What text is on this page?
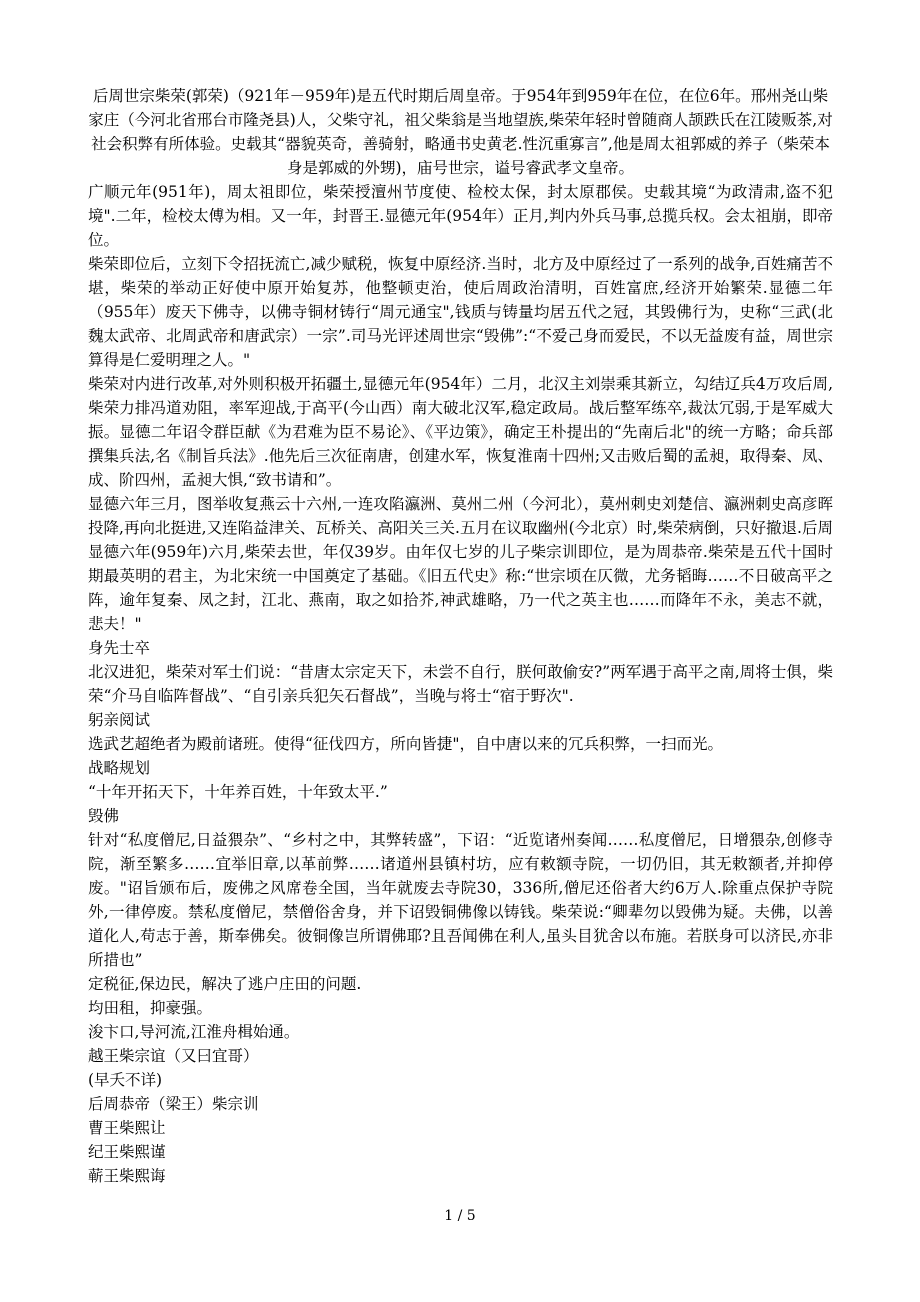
后周世宗柴荣(郭荣)（921年－959年)是五代时期后周皇帝。于954年到959年在位，在位6年。邢州尧山柴家庄（今河北省邢台市隆尧县)人，父柴守礼，祖父柴翁是当地望族,柴荣年轻时曾随商人颉跌氏在江陵贩茶,对社会积弊有所体验。史载其“器貌英奇，善骑射，略通书史黄老.性沉重寡言”,他是周太祖郭威的养子（柴荣本身是郭威的外甥)，庙号世宗，谥号睿武孝文皇帝。

广顺元年(951年)，周太祖即位，柴荣授澶州节度使、检校太保，封太原郡侯。史载其境“为政清肃,盗不犯境".二年，检校太傅为相。又一年，封晋王.显德元年(954年）正月,判内外兵马事,总揽兵权。会太祖崩，即帝位。

柴荣即位后，立刻下令招抚流亡,减少赋税，恢复中原经济.当时，北方及中原经过了一系列的战争,百姓痛苦不堪，柴荣的举动正好使中原开始复苏，他整顿吏治，使后周政治清明，百姓富庶,经济开始繁荣.显德二年（955年）废天下佛寺，以佛寺铜材铸行“周元通宝",钱质与铸量均居五代之冠，其毁佛行为，史称“三武(北魏太武帝、北周武帝和唐武宗）一宗”.司马光评述周世宗“毁佛”:“不爱己身而爱民，不以无益废有益，周世宗算得是仁爱明理之人。"

柴荣对内进行改革,对外则积极开拓疆土,显德元年(954年）二月，北汉主刘崇乘其新立，勾结辽兵4万攻后周,柴荣力排冯道劝阻，率军迎战,于高平(今山西）南大破北汉军,稳定政局。战后整军练卒,裁汰冗弱,于是军威大振。显德二年诏令群臣献《为君难为臣不易论》、《平边策》，确定王朴提出的“先南后北"的统一方略；命兵部撰集兵法,名《制旨兵法》.他先后三次征南唐，创建水军，恢复淮南十四州;又击败后蜀的孟昶，取得秦、凤、成、阶四州，孟昶大惧,“致书请和”。

显德六年三月，图举收复燕云十六州,一连攻陷瀛洲、莫州二州（今河北），莫州刺史刘楚信、瀛洲刺史高彦晖投降,再向北挺进,又连陷益津关、瓦桥关、高阳关三关.五月在议取幽州(今北京）时,柴荣病倒，只好撤退.后周显德六年(959年)六月,柴荣去世，年仅39岁。由年仅七岁的儿子柴宗训即位，是为周恭帝.柴荣是五代十国时期最英明的君主，为北宋统一中国奠定了基础。《旧五代史》称:“世宗顷在仄微，尤务韬晦……不日破高平之阵，逾年复秦、凤之封，江北、燕南，取之如拾芥,神武雄略，乃一代之英主也……而降年不永，美志不就，悲夫！"

身先士卒

北汉进犯，柴荣对军士们说：“昔唐太宗定天下，未尝不自行，朕何敢偷安?”两军遇于高平之南,周将士俱，柴荣“介马自临阵督战”、“自引亲兵犯矢石督战”，当晚与将士“宿于野次".

躬亲阅试

选武艺超绝者为殿前诸班。使得“征伐四方，所向皆捷"，自中唐以来的冗兵积弊，一扫而光。

战略规划

“十年开拓天下，十年养百姓，十年致太平.”

毁佛

针对“私度僧尼,日益猥杂”、“乡村之中，其弊转盛”，下诏：“近览诸州奏闻……私度僧尼，日增猥杂,创修寺院，渐至繁多……宜举旧章,以革前弊……诸道州县镇村坊，应有敕额寺院，一切仍旧，其无敕额者,并抑停废。"诏旨颁布后，废佛之风席卷全国，当年就废去寺院30，336所,僧尼还俗者大约6万人.除重点保护寺院外,一律停废。禁私度僧尼，禁僧俗舍身，并下诏毁铜佛像以铸钱。柴荣说:“卿辈勿以毁佛为疑。夫佛，以善道化人,苟志于善，斯奉佛矣。彼铜像岂所谓佛耶?且吾闻佛在利人,虽头目犹舍以布施。若朕身可以济民,亦非所措也”

定税征,保边民，解决了逃户庄田的问题.

均田租，抑豪强。

浚卞口,导河流,江淮舟楫始通。

越王柴宗谊（又曰宜哥）

(早夭不详)

后周恭帝（梁王）柴宗训

曹王柴熙让

纪王柴熙谨

蕲王柴熙诲

1 / 5
